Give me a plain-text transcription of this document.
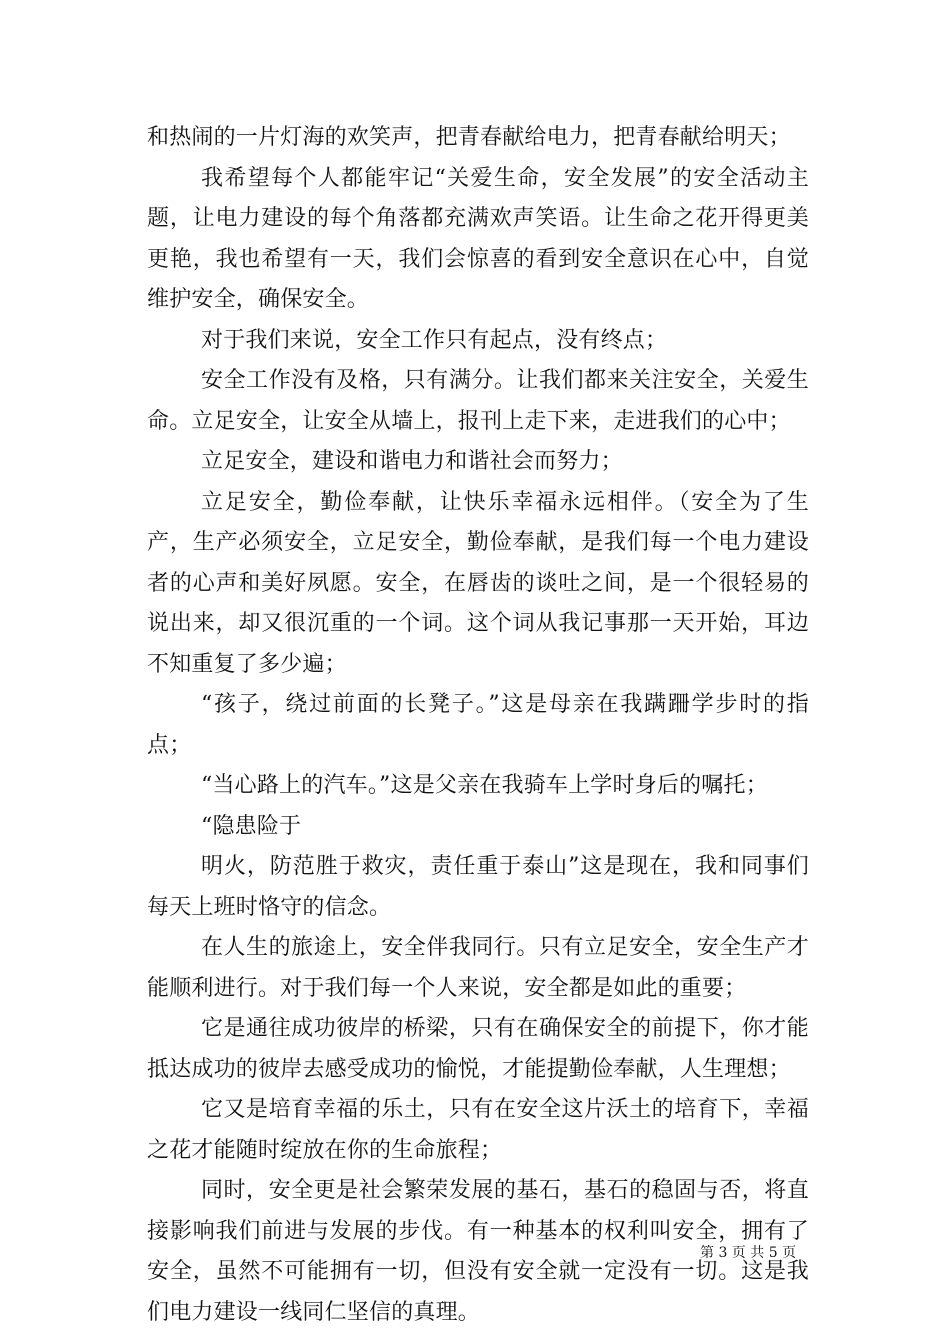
和热闹的一片灯海的欢笑声，把青春献给电力，把青春献给明天；

我希望每个人都能牢记“关爱生命，安全发展”的安全活动主题，让电力建设的每个角落都充满欢声笑语。让生命之花开得更美更艳，我也希望有一天，我们会惊喜的看到安全意识在心中，自觉维护安全，确保安全。

对于我们来说，安全工作只有起点，没有终点；

安全工作没有及格，只有满分。让我们都来关注安全，关爱生命。立足安全，让安全从墙上，报刊上走下来，走进我们的心中；

立足安全，建设和谐电力和谐社会而努力；

立足安全，勤俭奉献，让快乐幸福永远相伴。（安全为了生产，生产必须安全，立足安全，勤俭奉献，是我们每一个电力建设者的心声和美好夙愿。安全，在唇齿的谈吐之间，是一个很轻易的说出来，却又很沉重的一个词。这个词从我记事那一天开始，耳边不知重复了多少遍；

“孩子，绕过前面的长凳子。”这是母亲在我蹒跚学步时的指点；

“当心路上的汽车。”这是父亲在我骑车上学时身后的嘱托；

“隐患险于

明火，防范胜于救灾，责任重于泰山”这是现在，我和同事们每天上班时恪守的信念。

在人生的旅途上，安全伴我同行。只有立足安全，安全生产才能顺利进行。对于我们每一个人来说，安全都是如此的重要；

它是通往成功彼岸的桥梁，只有在确保安全的前提下，你才能抵达成功的彼岸去感受成功的愉悦，才能提勤俭奉献，人生理想；

它又是培育幸福的乐土，只有在安全这片沃土的培育下，幸福之花才能随时绽放在你的生命旅程；

同时，安全更是社会繁荣发展的基石，基石的稳固与否，将直接影响我们前进与发展的步伐。有一种基本的权利叫安全，拥有了安全，虽然不可能拥有一切，但没有安全就一定没有一切。这是我们电力建设一线同仁坚信的真理。

第 3 页 共 5 页
